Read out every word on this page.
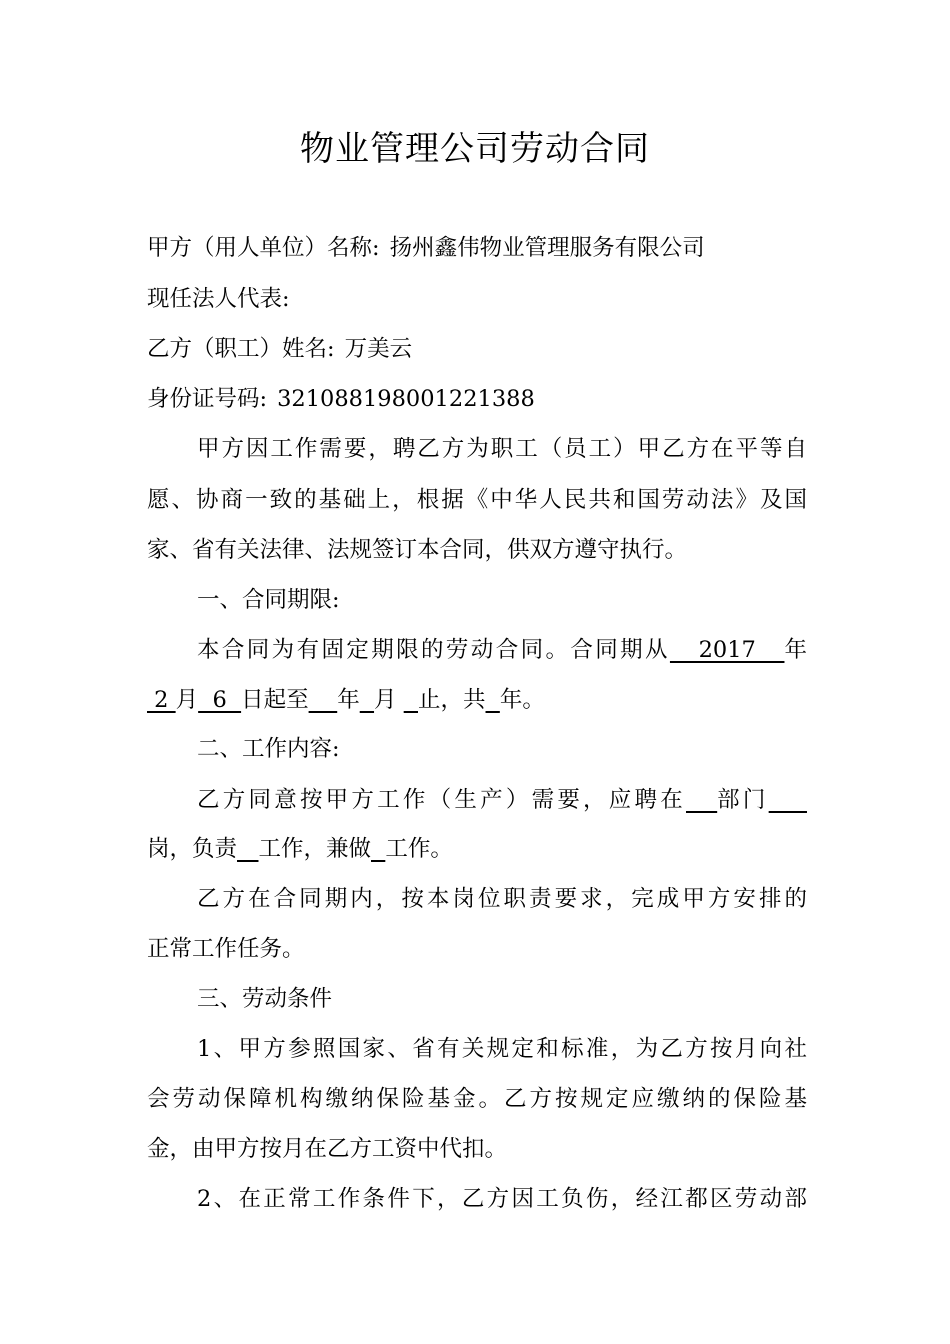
物业管理公司劳动合同
甲方（用人单位）名称: 扬州鑫伟物业管理服务有限公司
现任法人代表:
乙方（职工）姓名: 万美云
身份证号码: 321088198001221388
甲方因工作需要，聘乙方为职工（员工）甲乙方在平等自
愿、协商一致的基础上，根据《中华人民共和国劳动法》及国
家、省有关法律、法规签订本合同，供双方遵守执行。
一、合同期限:
本合同为有固定期限的劳动合同。合同期从   2017   年
2 月  6  日起至 年 月   止，共 年。
二、工作内容:
乙方同意按甲方工作（生产）需要，应聘在 部门
岗，负责 工作，兼做 工作。
乙方在合同期内，按本岗位职责要求，完成甲方安排的
正常工作任务。
三、劳动条件
1、甲方参照国家、省有关规定和标准，为乙方按月向社
会劳动保障机构缴纳保险基金。乙方按规定应缴纳的保险基
金，由甲方按月在乙方工资中代扣。
2、在正常工作条件下，乙方因工负伤，经江都区劳动部
